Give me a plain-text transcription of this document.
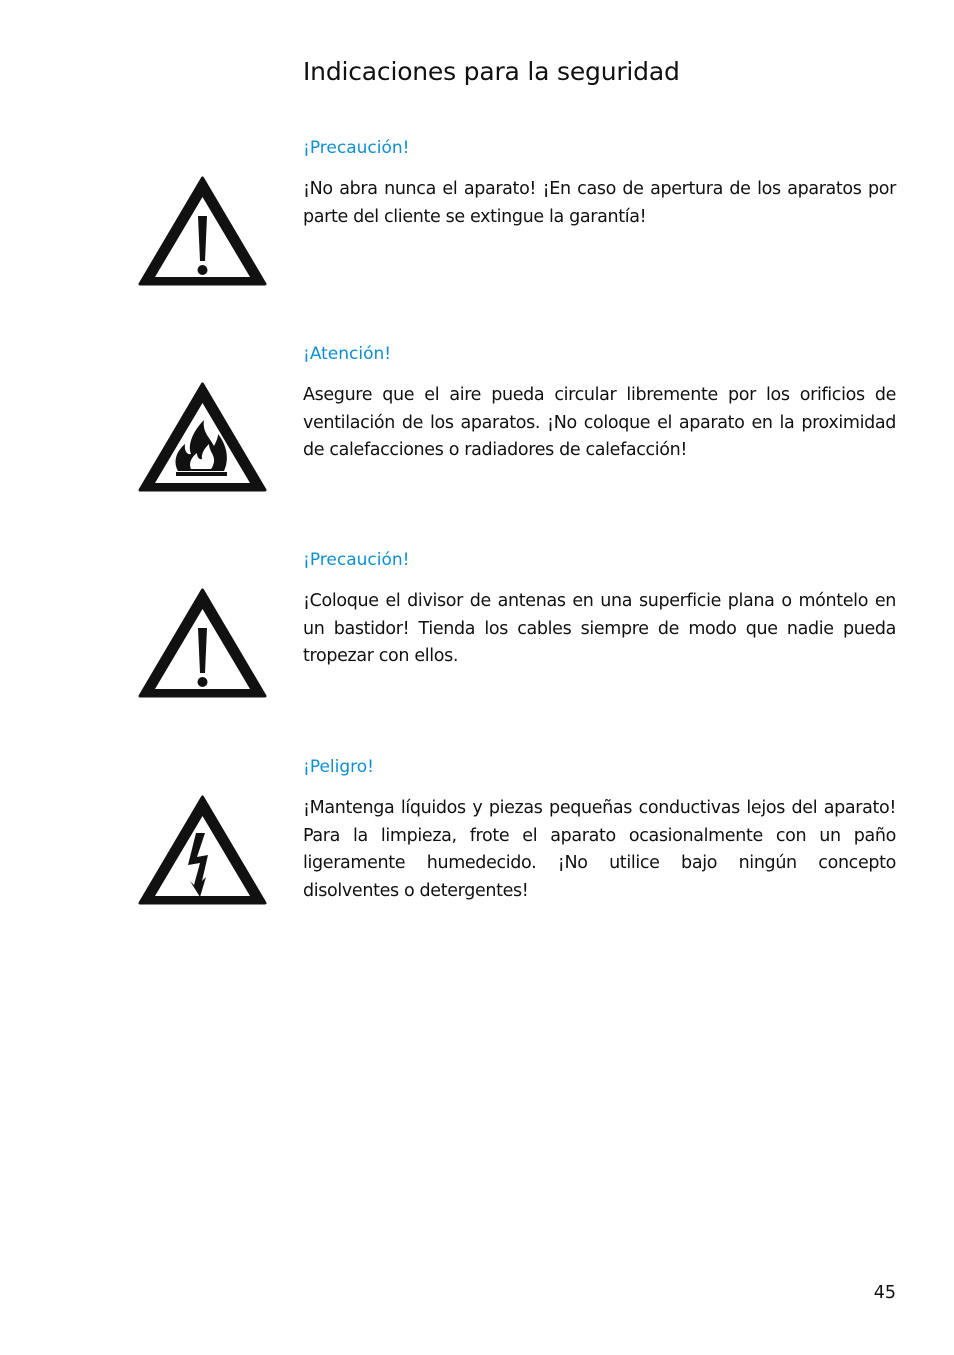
Indicaciones para la seguridad
¡Precaución!

¡No abra nunca el aparato! ¡En caso de apertura de los aparatos por parte del cliente se extingue la garantía!

¡Atención!

Asegure que el aire pueda circular libremente por los orificios de ventilación de los aparatos. ¡No coloque el aparato en la proximidad de calefacciones o radiadores de calefacción!

¡Precaución!

¡Coloque el divisor de antenas en una superficie plana o móntelo en un bastidor! Tienda los cables siempre de modo que nadie pueda tropezar con ellos.

¡Peligro!

¡Mantenga líquidos y piezas pequeñas conductivas lejos del aparato! Para la limpieza, frote el aparato ocasionalmente con un paño ligeramente humedecido. ¡No utilice bajo ningún concepto disolventes o detergentes!

45
